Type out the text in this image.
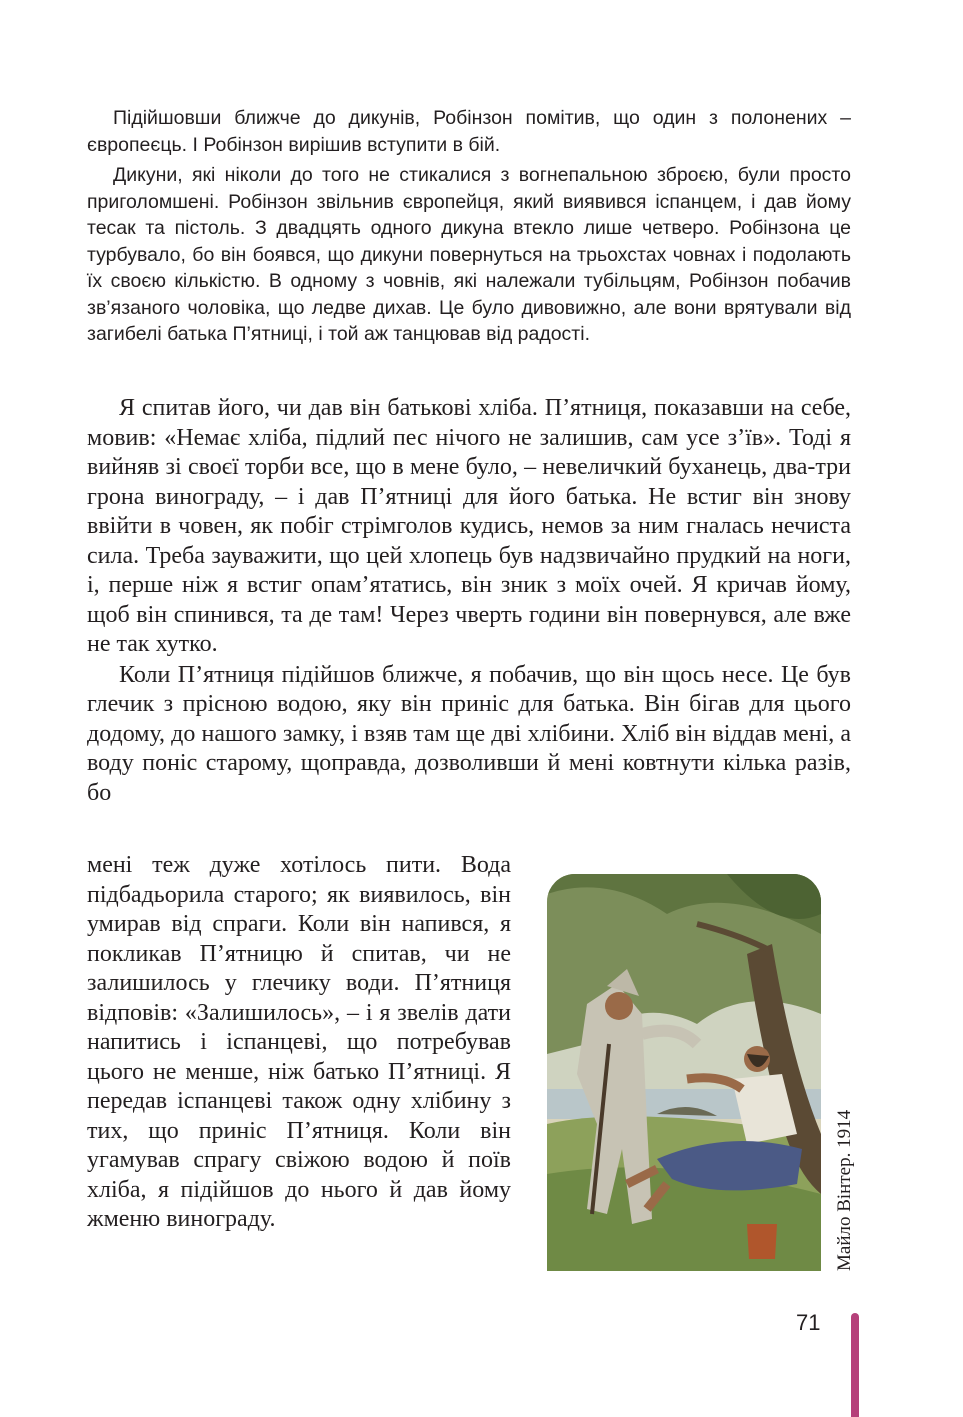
Підійшовши ближче до дикунів, Робінзон помітив, що один з полонених – європеєць. І Робінзон вирішив вступити в бій.

Дикуни, які ніколи до того не стикалися з вогнепальною зброєю, були просто приголомшені. Робінзон звільнив європейця, який виявився іспанцем, і дав йому тесак та пістоль. З двадцять одного дикуна втекло лише четверо. Робінзона це турбувало, бо він боявся, що дикуни повернуться на трьохстах човнах і подолають їх своєю кількістю. В одному з човнів, які належали тубільцям, Робінзон побачив зв’язаного чоловіка, що ледве дихав. Це було дивовижно, але вони врятували від загибелі батька П’ятниці, і той аж танцював від радості.

Я спитав його, чи дав він батькові хліба. П’ятниця, показавши на себе, мовив: «Немає хліба, підлий пес нічого не залишив, сам усе з’їв». Тоді я вийняв зі своєї торби все, що в мене було, – невеличкий буханець, два-три грона винограду, – і дав П’ятниці для його батька. Не встиг він знову ввійти в човен, як побіг стрімголов кудись, немов за ним гналась нечиста сила. Треба зауважити, що цей хлопець був надзвичайно прудкий на ноги, і, перше ніж я встиг опам’ятатись, він зник з моїх очей. Я кричав йому, щоб він спинився, та де там! Через чверть години він повернувся, але вже не так хутко.

Коли П’ятниця підійшов ближче, я побачив, що він щось несе. Це був глечик з прісною водою, яку він приніс для батька. Він бігав для цього додому, до нашого замку, і взяв там ще дві хлібини. Хліб він віддав мені, а воду поніс старому, щоправда, дозволивши й мені ковтнути кілька разів, бо

мені теж дуже хотілось пити. Вода підбадьорила старого; як виявилось, він умирав від спраги. Коли він напився, я покликав П’ятницю й спитав, чи не залишилось у глечику води. П’ятниця відповів: «Залишилось», – і я звелів дати напитись і іспанцеві, що потребував цього не менше, ніж батько П’ятниці. Я передав іспанцеві також одну хлібину з тих, що приніс П’ятниця. Коли він угамував спрагу свіжою водою й поїв хліба, я підійшов до нього й дав йому жменю винограду.	Майло Вінтер. 1914
71
